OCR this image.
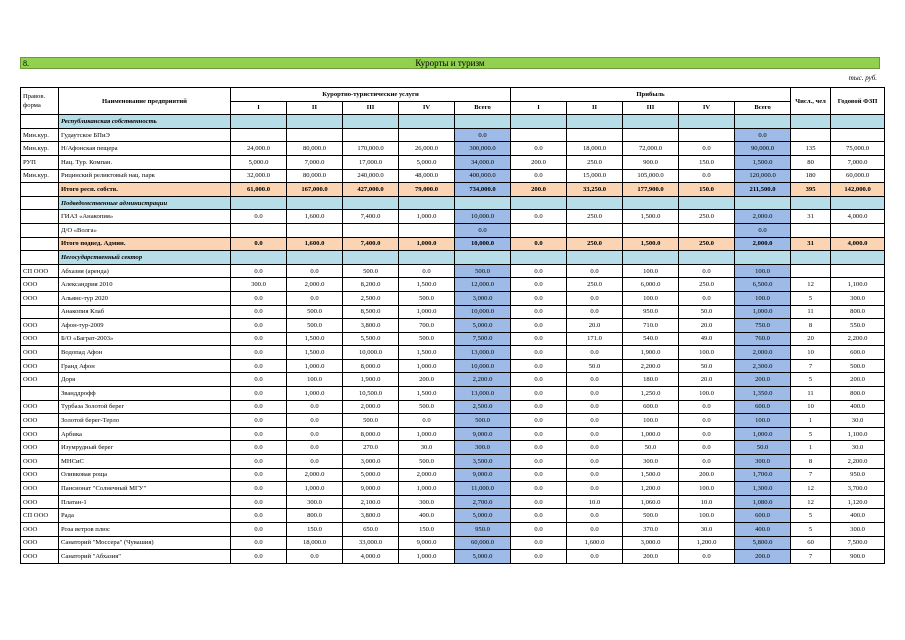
8.	Курорты и туризм
тыс. руб.
Правов. форма	Наименование предприятий	Курортно-туристические услуги					Прибыль					Числ., чел	Годовой ФЗП
		I	II	III	IV	Всего	I	II	III	IV	Всего		
	Республиканская собственность												
Мин.кур.	Гудаутское БПиЭ					0.0					0.0		
Мин.кур.	Н/Афонская пещера	24,000.0	80,000.0	170,000.0	26,000.0	300,000.0	0.0	18,000.0	72,000.0	0.0	90,000.0	135	75,000.0
РУП	Нац. Тур. Компан.	5,000.0	7,000.0	17,000.0	5,000.0	34,000.0	200.0	250.0	900.0	150.0	1,500.0	80	7,000.0
Мин.кур.	Рицинский реликтовый нац. парк	32,000.0	80,000.0	240,000.0	48,000.0	400,000.0	0.0	15,000.0	105,000.0	0.0	120,000.0	180	60,000.0
	Итого респ. собств.	61,000.0	167,000.0	427,000.0	79,000.0	734,000.0	200.0	33,250.0	177,900.0	150.0	211,500.0	395	142,000.0
	Подведомственные администрации												
	ГИАЗ «Анакопия»	0.0	1,600.0	7,400.0	1,000.0	10,000.0	0.0	250.0	1,500.0	250.0	2,000.0	31	4,000.0
	Д/О «Волга»					0.0					0.0		
	Итого подвед. Админ.	0.0	1,600.0	7,400.0	1,000.0	10,000.0	0.0	250.0	1,500.0	250.0	2,000.0	31	4,000.0
	Негосударственный сектор												
СП ООО	Абхазия (аренда)	0.0	0.0	500.0	0.0	500.0	0.0	0.0	100.0	0.0	100.0		
ООО	Александрия 2010	300.0	2,000.0	8,200.0	1,500.0	12,000.0	0.0	250.0	6,000.0	250.0	6,500.0	12	1,100.0
ООО	Альянс-тур 2020	0.0	0.0	2,500.0	500.0	3,000.0	0.0	0.0	100.0	0.0	100.0	5	300.0
	Анакопия Клаб	0.0	500.0	8,500.0	1,000.0	10,000.0	0.0	0.0	950.0	50.0	1,000.0	11	800.0
ООО	Афон-тур-2009	0.0	500.0	3,800.0	700.0	5,000.0	0.0	20.0	710.0	20.0	750.0	8	550.0
ООО	Б/О «Баграт-2003»	0.0	1,500.0	5,500.0	500.0	7,500.0	0.0	171.0	540.0	49.0	760.0	20	2,200.0
ООО	Водопад Афон	0.0	1,500.0	10,000.0	1,500.0	13,000.0	0.0	0.0	1,900.0	100.0	2,000.0	10	600.0
ООО	Гранд Афон	0.0	1,000.0	8,000.0	1,000.0	10,000.0	0.0	50.0	2,200.0	50.0	2,300.0	7	500.0
ООО	Доря	0.0	100.0	1,900.0	200.0	2,200.0	0.0	0.0	180.0	20.0	200.0	5	200.0
	Званддрофф	0.0	1,000.0	10,500.0	1,500.0	13,000.0	0.0	0.0	1,250.0	100.0	1,350.0	11	800.0
ООО	Турбаза Золотой берег	0.0	0.0	2,000.0	500.0	2,500.0	0.0	0.0	600.0	0.0	600.0	10	400.0
ООО	Золотой берег-Терло	0.0	0.0	500.0	0.0	500.0	0.0	0.0	100.0	0.0	100.0	1	30.0
ООО	Арбика	0.0	0.0	8,000.0	1,000.0	9,000.0	0.0	0.0	1,000.0	0.0	1,000.0	5	1,100.0
ООО	Изумрудный берег	0.0	0.0	270.0	30.0	300.0	0.0	0.0	50.0	0.0	50.0	1	30.0
ООО	МНСиС	0.0	0.0	3,000.0	500.0	3,500.0	0.0	0.0	300.0	0.0	300.0	8	2,200.0
ООО	Оливковая роща	0.0	2,000.0	5,000.0	2,000.0	9,000.0	0.0	0.0	1,500.0	200.0	1,700.0	7	950.0
ООО	Пансионат "Солнечный МГУ"	0.0	1,000.0	9,000.0	1,000.0	11,000.0	0.0	0.0	1,200.0	100.0	1,300.0	12	3,700.0
ООО	Платан-1	0.0	300.0	2,100.0	300.0	2,700.0	0.0	10.0	1,060.0	10.0	1,080.0	12	1,120.0
СП ООО	Рада	0.0	800.0	3,800.0	400.0	5,000.0	0.0	0.0	500.0	100.0	600.0	5	400.0
ООО	Роза ветров плюс	0.0	150.0	650.0	150.0	950.0	0.0	0.0	370.0	30.0	400.0	5	300.0
ООО	Санаторий "Моссера" (Чувашия)	0.0	18,000.0	33,000.0	9,000.0	60,000.0	0.0	1,600.0	3,000.0	1,200.0	5,800.0	60	7,500.0
ООО	Санаторий "Абхазия"	0.0	0.0	4,000.0	1,000.0	5,000.0	0.0	0.0	200.0	0.0	200.0	7	900.0
